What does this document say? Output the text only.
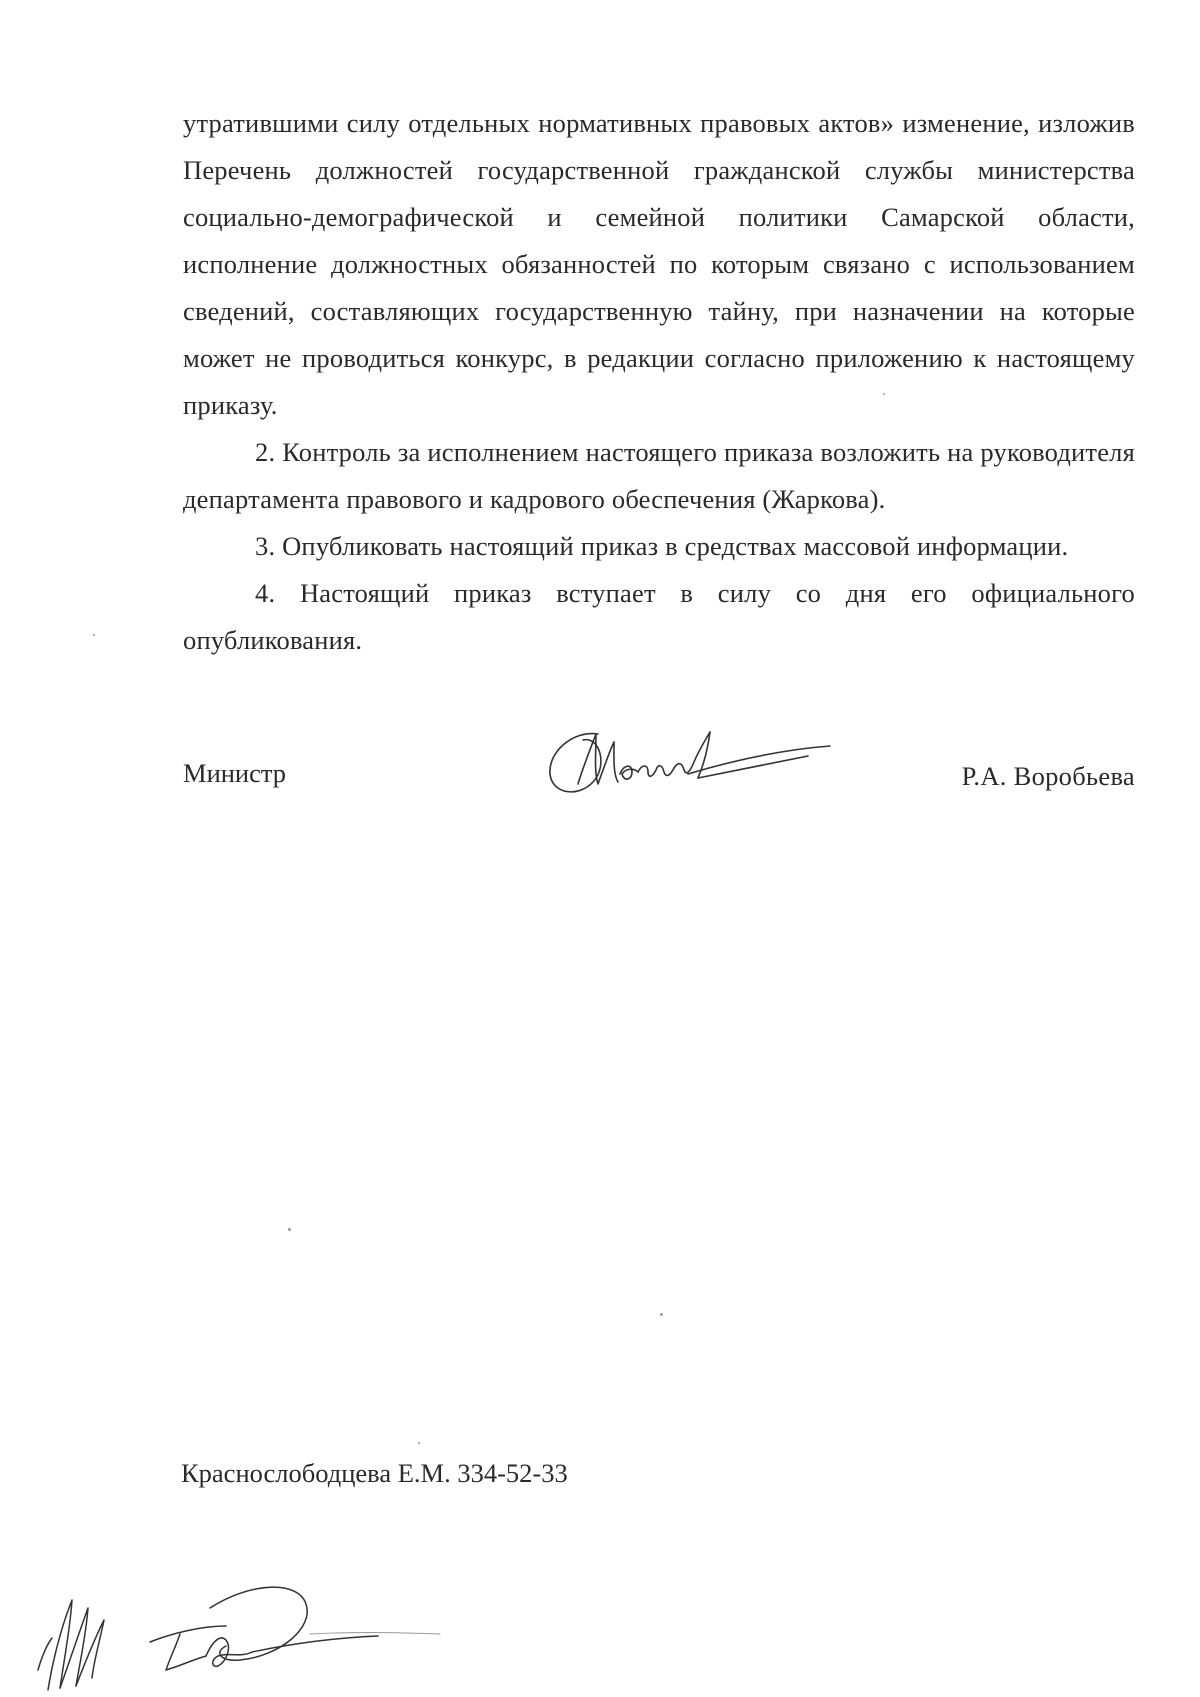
утратившими силу отдельных нормативных правовых актов» изменение, изложив Перечень должностей государственной гражданской службы министерства социально-демографической и семейной политики Самарской области, исполнение должностных обязанностей по которым связано с использованием сведений, составляющих государственную тайну, при назначении на которые может не проводиться конкурс, в редакции согласно приложению к настоящему приказу.

2. Контроль за исполнением настоящего приказа возложить на руководителя департамента правового и кадрового обеспечения (Жаркова).

3. Опубликовать настоящий приказ в средствах массовой информации.

4. Настоящий приказ вступает в силу со дня его официального опубликования.

Министр	Р.А. Воробьева
Краснослободцева Е.М. 334-52-33
